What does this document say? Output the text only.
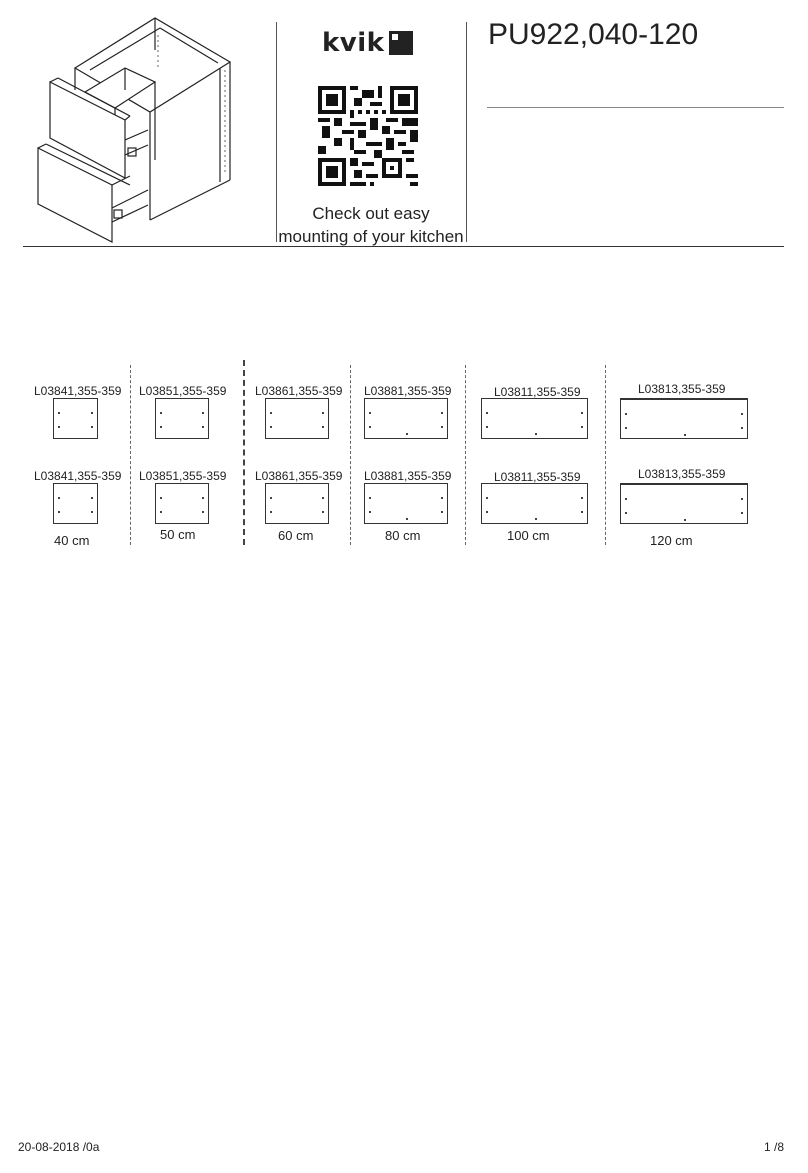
kvik
Check out easy
mounting of your kitchen
PU922,040-120
L03841,355-359 L03851,355-359 L03861,355-359 L03881,355-359	L03811,355-359	L03813,355-359
L03841,355-359 L03851,355-359 L03861,355-359 L03881,355-359	L03811,355-359	L03813,355-359
40 cm	50 cm	60 cm	80 cm	100 cm	120 cm
20-08-2018 /0a	1 /8
